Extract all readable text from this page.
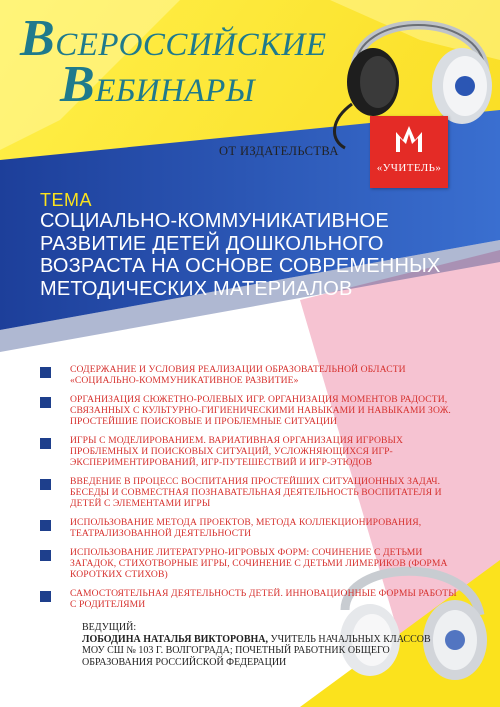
ВСЕРОССИЙСКИЕ
ВЕБИНАРЫ
ОТ ИЗДАТЕЛЬСТВА
«УЧИТЕЛЬ»
ТЕМА
СОЦИАЛЬНО-КОММУНИКАТИВНОЕ РАЗВИТИЕ ДЕТЕЙ ДОШКОЛЬНОГО ВОЗРАСТА НА ОСНОВЕ СОВРЕМЕННЫХ МЕТОДИЧЕСКИХ МАТЕРИАЛОВ
СОДЕРЖАНИЕ И УСЛОВИЯ РЕАЛИЗАЦИИ ОБРАЗОВАТЕЛЬНОЙ ОБЛАСТИ «СОЦИАЛЬНО-КОММУНИКАТИВНОЕ РАЗВИТИЕ»
ОРГАНИЗАЦИЯ СЮЖЕТНО-РОЛЕВЫХ ИГР. ОРГАНИЗАЦИЯ МОМЕНТОВ РАДОСТИ, СВЯЗАННЫХ С КУЛЬТУРНО-ГИГИЕНИЧЕСКИМИ НАВЫКАМИ И НАВЫКАМИ ЗОЖ. ПРОСТЕЙШИЕ ПОИСКОВЫЕ И ПРОБЛЕМНЫЕ СИТУАЦИИ
ИГРЫ С МОДЕЛИРОВАНИЕМ. ВАРИАТИВНАЯ ОРГАНИЗАЦИЯ ИГРОВЫХ ПРОБЛЕМНЫХ И ПОИСКОВЫХ СИТУАЦИЙ, УСЛОЖНЯЮЩИХСЯ ИГР-ЭКСПЕРИМЕНТИРОВАНИЙ, ИГР-ПУТЕШЕСТВИЙ И ИГР-ЭТЮДОВ
ВВЕДЕНИЕ В ПРОЦЕСС ВОСПИТАНИЯ ПРОСТЕЙШИХ СИТУАЦИОННЫХ ЗАДАЧ. БЕСЕДЫ И СОВМЕСТНАЯ ПОЗНАВАТЕЛЬНАЯ ДЕЯТЕЛЬНОСТЬ ВОСПИТАТЕЛЯ И ДЕТЕЙ С ЭЛЕМЕНТАМИ ИГРЫ
ИСПОЛЬЗОВАНИЕ МЕТОДА ПРОЕКТОВ, МЕТОДА КОЛЛЕКЦИОНИРОВАНИЯ, ТЕАТРАЛИЗОВАННОЙ ДЕЯТЕЛЬНОСТИ
ИСПОЛЬЗОВАНИЕ ЛИТЕРАТУРНО-ИГРОВЫХ ФОРМ: СОЧИНЕНИЕ С ДЕТЬМИ ЗАГАДОК, СТИХОТВОРНЫЕ ИГРЫ, СОЧИНЕНИЕ С ДЕТЬМИ ЛИМЕРИКОВ (ФОРМА КОРОТКИХ СТИХОВ)
САМОСТОЯТЕЛЬНАЯ ДЕЯТЕЛЬНОСТЬ ДЕТЕЙ. ИННОВАЦИОННЫЕ ФОРМЫ РАБОТЫ С РОДИТЕЛЯМИ
ВЕДУЩИЙ:
ЛОБОДИНА НАТАЛЬЯ ВИКТОРОВНА, УЧИТЕЛЬ НАЧАЛЬНЫХ КЛАССОВ МОУ СШ № 103 Г. ВОЛГОГРАДА; ПОЧЕТНЫЙ РАБОТНИК ОБЩЕГО ОБРАЗОВАНИЯ РОССИЙСКОЙ ФЕДЕРАЦИИ
